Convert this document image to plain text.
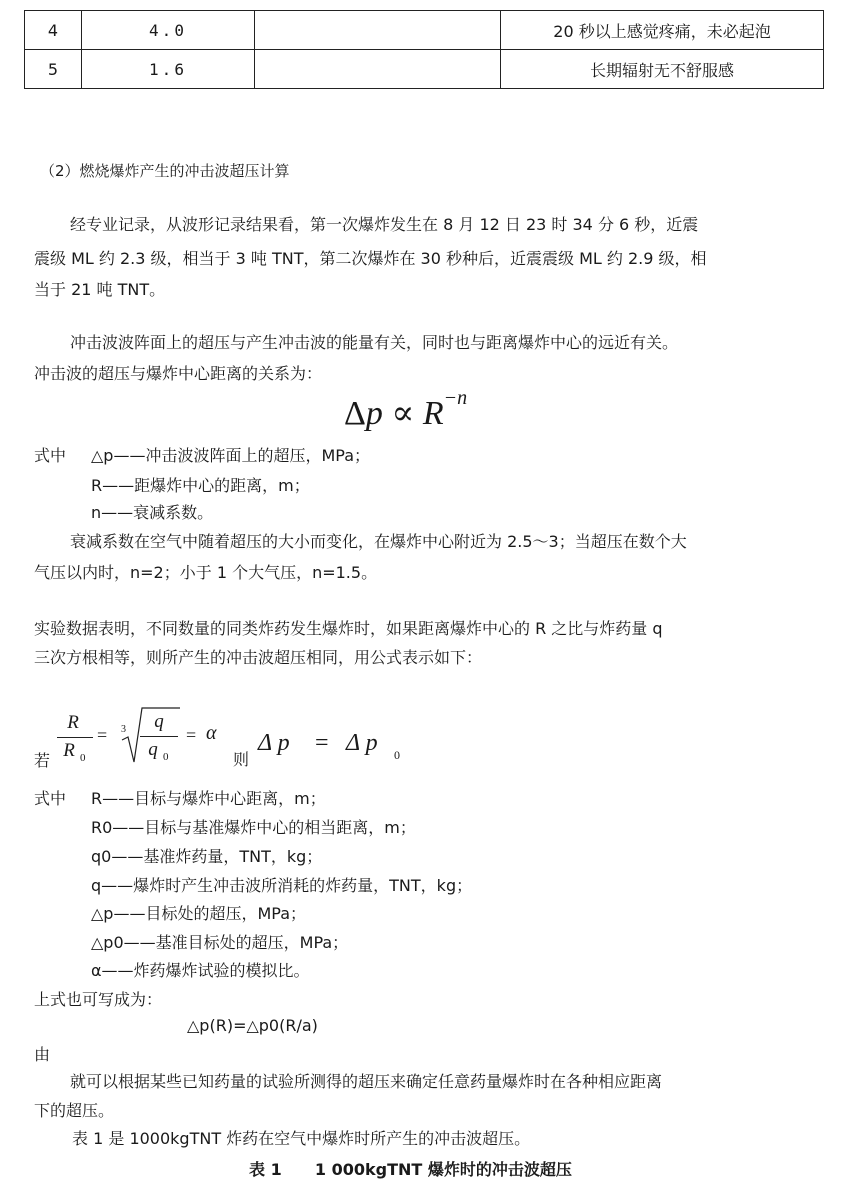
4	4.0		20 秒以上感觉疼痛，未必起泡
5	1.6		长期辐射无不舒服感
（2）燃烧爆炸产生的冲击波超压计算
经专业记录，从波形记录结果看，第一次爆炸发生在 8 月 12 日 23 时 34 分 6 秒，近震
震级 ML 约 2.3 级，相当于 3 吨 TNT，第二次爆炸在 30 秒种后，近震震级 ML 约 2.9 级，相
当于 21 吨 TNT。
冲击波波阵面上的超压与产生冲击波的能量有关，同时也与距离爆炸中心的远近有关。
冲击波的超压与爆炸中心距离的关系为：
$\Delta p \propto R^{-n}$
式中 △p——冲击波波阵面上的超压，MPa；
R——距爆炸中心的距离，m；
n——衰减系数。
衰减系数在空气中随着超压的大小而变化，在爆炸中心附近为 2.5～3；当超压在数个大
气压以内时，n=2；小于 1 个大气压，n=1.5。
实验数据表明，不同数量的同类炸药发生爆炸时，如果距离爆炸中心的 R 之比与炸药量 q
三次方根相等，则所产生的冲击波超压相同，用公式表示如下：
若
R
R 0
= 3	q
q 0
= α
则
Δ p = Δ p 0
式中 R——目标与爆炸中心距离，m；
R0——目标与基准爆炸中心的相当距离，m；
q0——基准炸药量，TNT，kg；
q——爆炸时产生冲击波所消耗的炸药量，TNT，kg；
△p——目标处的超压，MPa；
△p0——基准目标处的超压，MPa；
α——炸药爆炸试验的模拟比。
上式也可写成为：
△p(R)=△p0(R/a)
由
就可以根据某些已知药量的试验所测得的超压来确定任意药量爆炸时在各种相应距离
下的超压。
表 1 是 1000kgTNT 炸药在空气中爆炸时所产生的冲击波超压。
表 1 1 000kgTNT 爆炸时的冲击波超压
